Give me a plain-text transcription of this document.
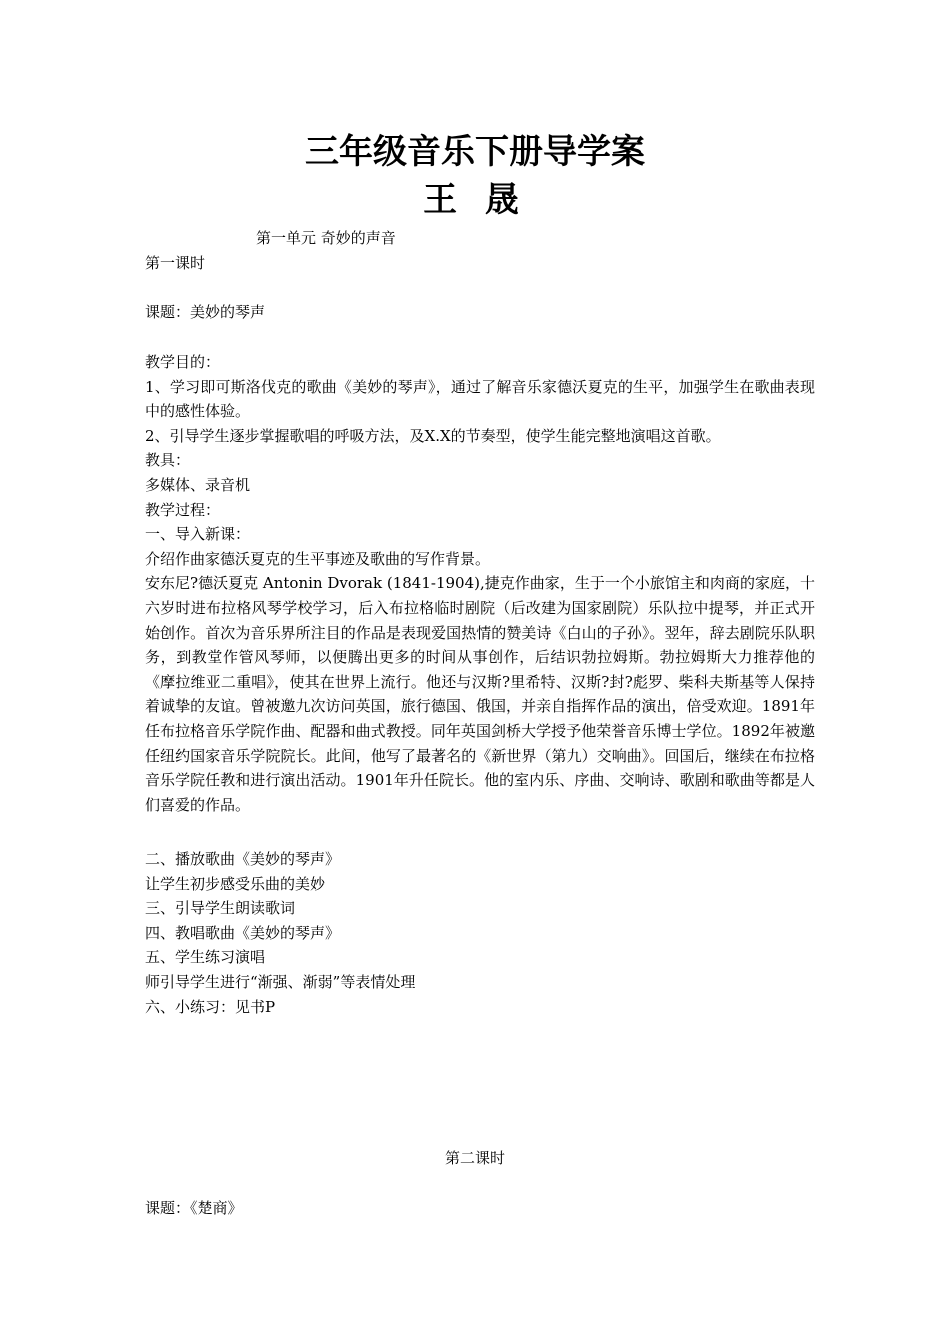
三年级音乐下册导学案
王 晟

第一单元 奇妙的声音

第一课时

课题：美妙的琴声

教学目的：

1、学习即可斯洛伐克的歌曲《美妙的琴声》，通过了解音乐家德沃夏克的生平，加强学生在歌曲表现中的感性体验。

2、引导学生逐步掌握歌唱的呼吸方法，及X.X的节奏型，使学生能完整地演唱这首歌。

教具：

多媒体、录音机

教学过程：

一、导入新课：

介绍作曲家德沃夏克的生平事迹及歌曲的写作背景。

安东尼?德沃夏克 Antonin Dvorak (1841-1904),捷克作曲家，生于一个小旅馆主和肉商的家庭，十六岁时进布拉格风琴学校学习，后入布拉格临时剧院（后改建为国家剧院）乐队拉中提琴，并正式开始创作。首次为音乐界所注目的作品是表现爱国热情的赞美诗《白山的子孙》。翌年，辞去剧院乐队职务，到教堂作管风琴师，以便腾出更多的时间从事创作，后结识勃拉姆斯。勃拉姆斯大力推荐他的《摩拉维亚二重唱》，使其在世界上流行。他还与汉斯?里希特、汉斯?封?彪罗、柴科夫斯基等人保持着诚挚的友谊。曾被邀九次访问英国，旅行德国、俄国，并亲自指挥作品的演出，倍受欢迎。1891年任布拉格音乐学院作曲、配器和曲式教授。同年英国剑桥大学授予他荣誉音乐博士学位。1892年被邀任纽约国家音乐学院院长。此间，他写了最著名的《新世界（第九）交响曲》。回国后，继续在布拉格音乐学院任教和进行演出活动。1901年升任院长。他的室内乐、序曲、交响诗、歌剧和歌曲等都是人们喜爱的作品。

二、播放歌曲《美妙的琴声》

让学生初步感受乐曲的美妙

三、引导学生朗读歌词

四、教唱歌曲《美妙的琴声》

五、学生练习演唱

师引导学生进行“渐强、渐弱”等表情处理

六、小练习：见书P

第二课时

课题：《楚商》
